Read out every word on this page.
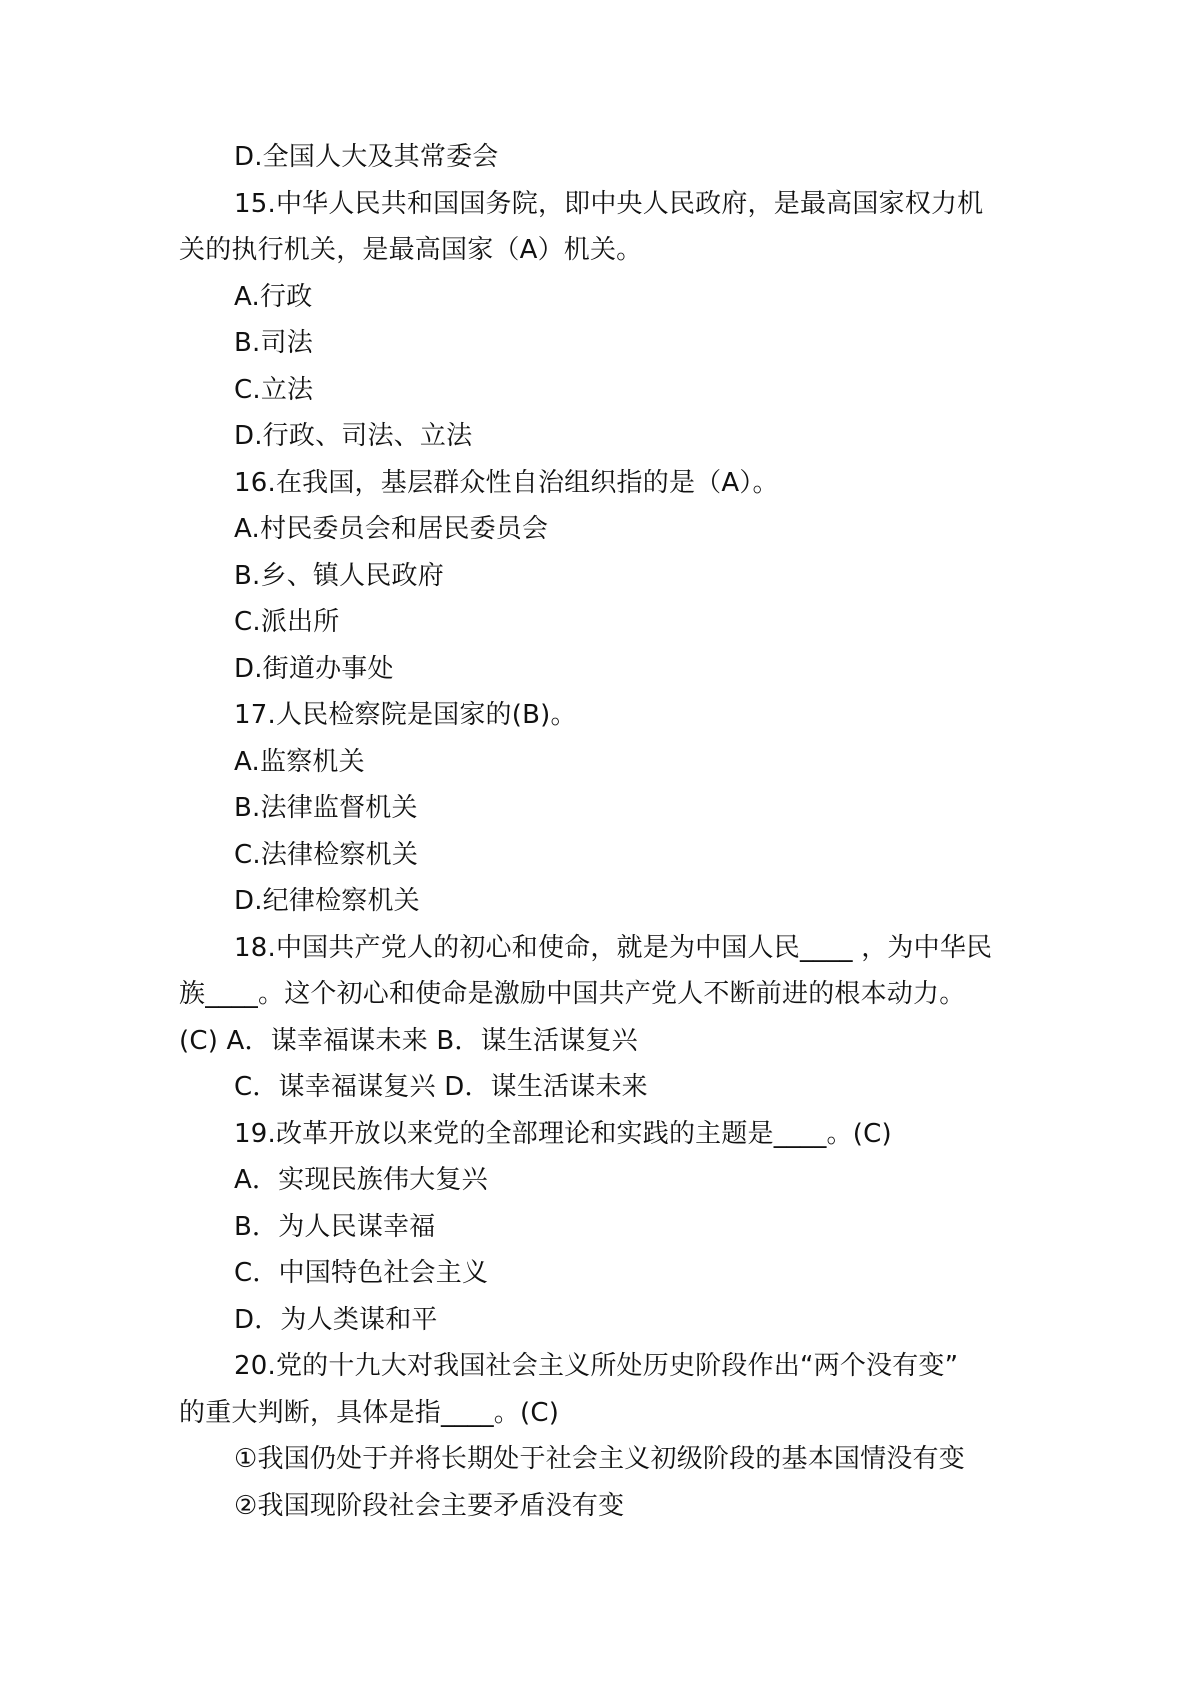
D.全国人大及其常委会

15.中华人民共和国国务院，即中央人民政府，是最高国家权力机

关的执行机关，是最高国家（A）机关。

A.行政

B.司法

C.立法

D.行政、司法、立法

16.在我国，基层群众性自治组织指的是（A）。

A.村民委员会和居民委员会

B.乡、镇人民政府

C.派出所

D.街道办事处

17.人民检察院是国家的(B)。

A.监察机关

B.法律监督机关

C.法律检察机关

D.纪律检察机关

18.中国共产党人的初心和使命，就是为中国人民____ ，为中华民

族____。这个初心和使命是激励中国共产党人不断前进的根本动力。

(C) A．谋幸福谋未来 B．谋生活谋复兴

C．谋幸福谋复兴 D．谋生活谋未来

19.改革开放以来党的全部理论和实践的主题是____。(C)

A．实现民族伟大复兴

B．为人民谋幸福

C．中国特色社会主义

D．为人类谋和平

20.党的十九大对我国社会主义所处历史阶段作出“两个没有变”

的重大判断，具体是指____。(C)

①我国仍处于并将长期处于社会主义初级阶段的基本国情没有变

②我国现阶段社会主要矛盾没有变
